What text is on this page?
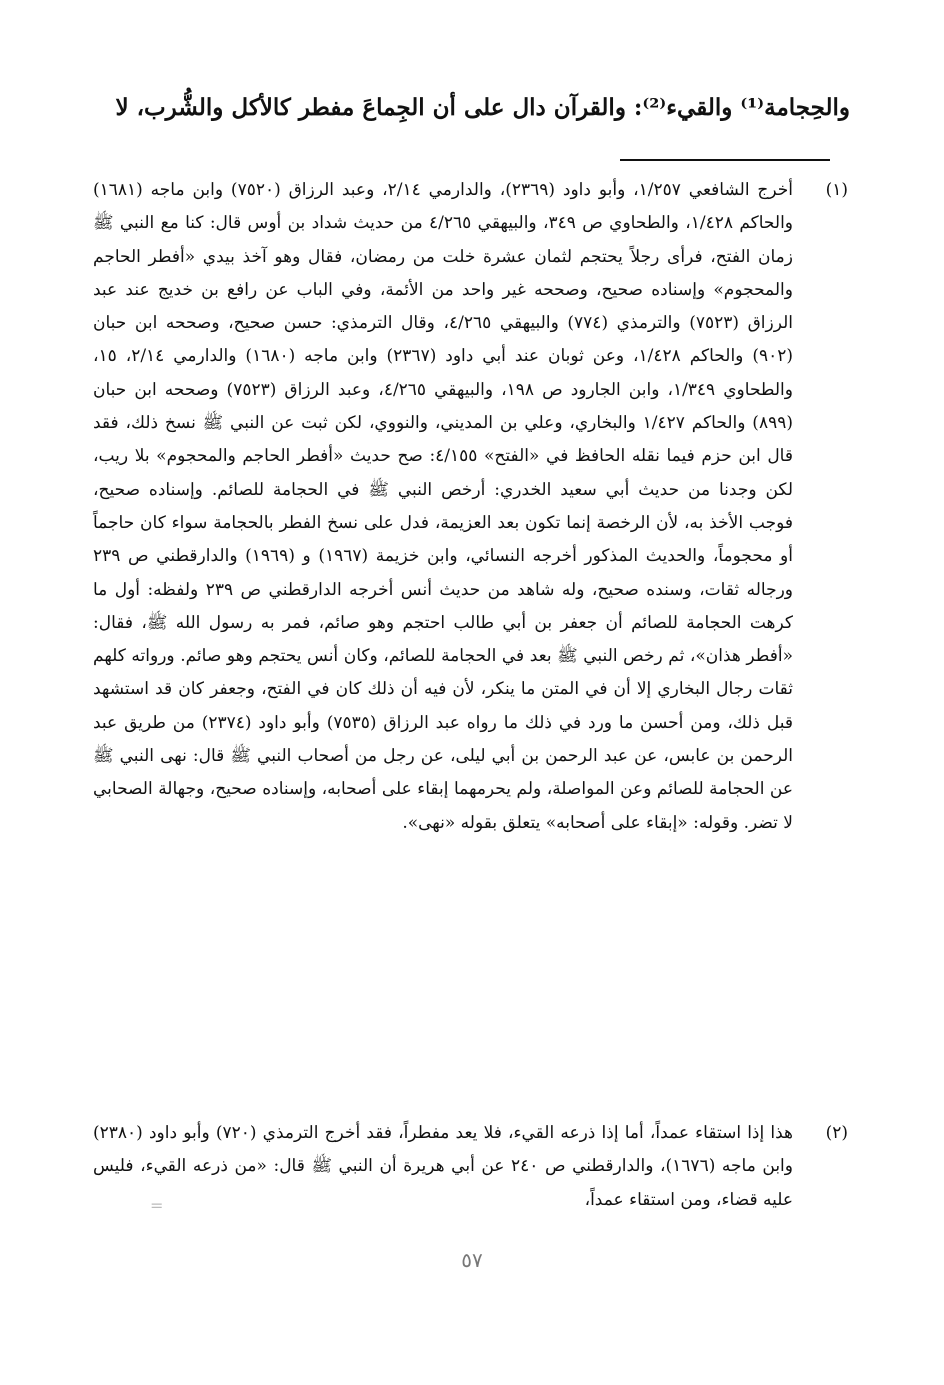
والحِجامة⁽¹⁾ والقيء⁽²⁾: والقرآن دال على أن الجِماعَ مفطر كالأكل والشُّرب، لا
(١)
أخرج الشافعي ١/٢٥٧، وأبو داود (٢٣٦٩)، والدارمي ٢/١٤، وعبد الرزاق (٧٥٢٠) وابن ماجه (١٦٨١) والحاكم ١/٤٢٨، والطحاوي ص ٣٤٩، والبيهقي ٤/٢٦٥ من حديث شداد بن أوس قال: كنا مع النبي ﷺ زمان الفتح، فرأى رجلاً يحتجم لثمان عشرة خلت من رمضان، فقال وهو آخذ بيدي «أفطر الحاجم والمحجوم» وإسناده صحيح، وصححه غير واحد من الأئمة، وفي الباب عن رافع بن خديج عند عبد الرزاق (٧٥٢٣) والترمذي (٧٧٤) والبيهقي ٤/٢٦٥، وقال الترمذي: حسن صحيح، وصححه ابن حبان (٩٠٢) والحاكم ١/٤٢٨، وعن ثوبان عند أبي داود (٢٣٦٧) وابن ماجه (١٦٨٠) والدارمي ٢/١٤، ١٥، والطحاوي ١/٣٤٩، وابن الجارود ص ١٩٨، والبيهقي ٤/٢٦٥، وعبد الرزاق (٧٥٢٣) وصححه ابن حبان (٨٩٩) والحاكم ١/٤٢٧ والبخاري، وعلي بن المديني، والنووي، لكن ثبت عن النبي ﷺ نسخ ذلك، فقد قال ابن حزم فيما نقله الحافظ في «الفتح» ٤/١٥٥: صح حديث «أفطر الحاجم والمحجوم» بلا ريب، لكن وجدنا من حديث أبي سعيد الخدري: أرخص النبي ﷺ في الحجامة للصائم. وإسناده صحيح، فوجب الأخذ به، لأن الرخصة إنما تكون بعد العزيمة، فدل على نسخ الفطر بالحجامة سواء كان حاجماً أو محجوماً، والحديث المذكور أخرجه النسائي، وابن خزيمة (١٩٦٧) و (١٩٦٩) والدارقطني ص ٢٣٩ ورجاله ثقات، وسنده صحيح، وله شاهد من حديث أنس أخرجه الدارقطني ص ٢٣٩ ولفظه: أول ما كرهت الحجامة للصائم أن جعفر بن أبي طالب احتجم وهو صائم، فمر به رسول الله ﷺ، فقال: «أفطر هذان»، ثم رخص النبي ﷺ بعد في الحجامة للصائم، وكان أنس يحتجم وهو صائم. ورواته كلهم ثقات رجال البخاري إلا أن في المتن ما ينكر، لأن فيه أن ذلك كان في الفتح، وجعفر كان قد استشهد قبل ذلك، ومن أحسن ما ورد في ذلك ما رواه عبد الرزاق (٧٥٣٥) وأبو داود (٢٣٧٤) من طريق عبد الرحمن بن عابس، عن عبد الرحمن بن أبي ليلى، عن رجل من أصحاب النبي ﷺ قال: نهى النبي ﷺ عن الحجامة للصائم وعن المواصلة، ولم يحرمهما إبقاء على أصحابه، وإسناده صحيح، وجهالة الصحابي لا تضر. وقوله: «إبقاء على أصحابه» يتعلق بقوله «نهى».
(٢)
هذا إذا استقاء عمداً، أما إذا ذرعه القيء، فلا يعد مفطراً، فقد أخرج الترمذي (٧٢٠) وأبو داود (٢٣٨٠) وابن ماجه (١٦٧٦)، والدارقطني ص ٢٤٠ عن أبي هريرة أن النبي ﷺ قال: «من ذرعه القيء، فليس عليه قضاء، ومن استقاء عمداً،
=
٥٧
